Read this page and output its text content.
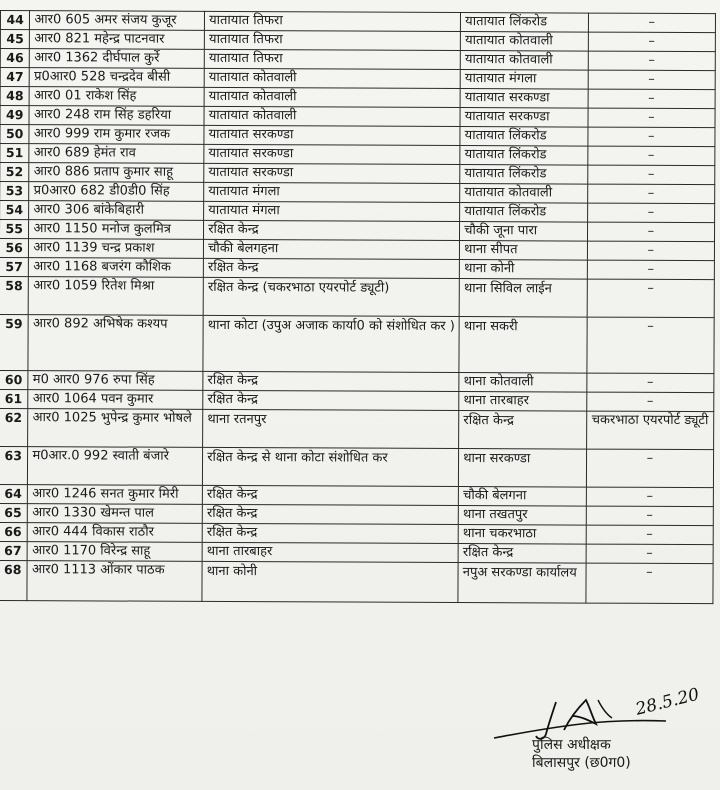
44	आर0 605 अमर संजय कुजूर	यातायात तिफरा	यातायात लिंकरोड	–
45	आर0 821 महेन्द्र पाटनवार	यातायात तिफरा	यातायात कोतवाली	–
46	आर0 1362 दीर्घपाल कुर्रे	यातायात तिफरा	यातायात कोतवाली	–
47	प्र0आर0 528 चन्द्रदेव बीसी	यातायात कोतवाली	यातायात मंगला	–
48	आर0 01 राकेश सिंह	यातायात कोतवाली	यातायात सरकण्डा	–
49	आर0 248 राम सिंह डहरिया	यातायात कोतवाली	यातायात सरकण्डा	–
50	आर0 999 राम कुमार रजक	यातायात सरकण्डा	यातायात लिंकरोड	–
51	आर0 689 हेमंत राव	यातायात सरकण्डा	यातायात लिंकरोड	–
52	आर0 886 प्रताप कुमार साहू	यातायात सरकण्डा	यातायात लिंकरोड	–
53	प्र0आर0 682 डी0डी0 सिंह	यातायात मंगला	यातायात कोतवाली	–
54	आर0 306 बांकेबिहारी	यातायात मंगला	यातायात लिंकरोड	–
55	आर0 1150 मनोज कुलमित्र	रक्षित केन्द्र	चौकी जूना पारा	–
56	आर0 1139 चन्द्र प्रकाश	चौकी बेलगहना	थाना सीपत	–
57	आर0 1168 बजरंग कौशिक	रक्षित केन्द्र	थाना कोनी	–
58	आर0 1059 रितेश मिश्रा	रक्षित केन्द्र (चकरभाठा एयरपोर्ट ड्यूटी)	थाना सिविल लाईन	–
59	आर0 892 अभिषेक कश्यप	थाना कोटा (उपुअ अजाक कार्या0 को संशोधित कर )	थाना सकरी	–
60	म0 आर0 976 रुपा सिंह	रक्षित केन्द्र	थाना कोतवाली	–
61	आर0 1064 पवन कुमार	रक्षित केन्द्र	थाना तारबाहर	–
62	आर0 1025 भुपेन्द्र कुमार भोषले	थाना रतनपुर	रक्षित केन्द्र	चकरभाठा एयरपोर्ट ड्यूटी
63	म0आर.0 992 स्वाती बंजारे	रक्षित केन्द्र से थाना कोटा संशोधित कर	थाना सरकण्डा	–
64	आर0 1246 सनत कुमार मिरी	रक्षित केन्द्र	चौकी बेलगना	–
65	आर0 1330 खेमन्त पाल	रक्षित केन्द्र	थाना तखतपुर	–
66	आर0 444 विकास राठौर	रक्षित केन्द्र	थाना चकरभाठा	–
67	आर0 1170 विरेन्द्र साहू	थाना तारबाहर	रक्षित केन्द्र	–
68	आर0 1113 ओंकार पाठक	थाना कोनी	नपुअ सरकण्डा कार्यालय	–
28.5.20
पुलिस अधीक्षक
बिलासपुर (छ0ग0)
